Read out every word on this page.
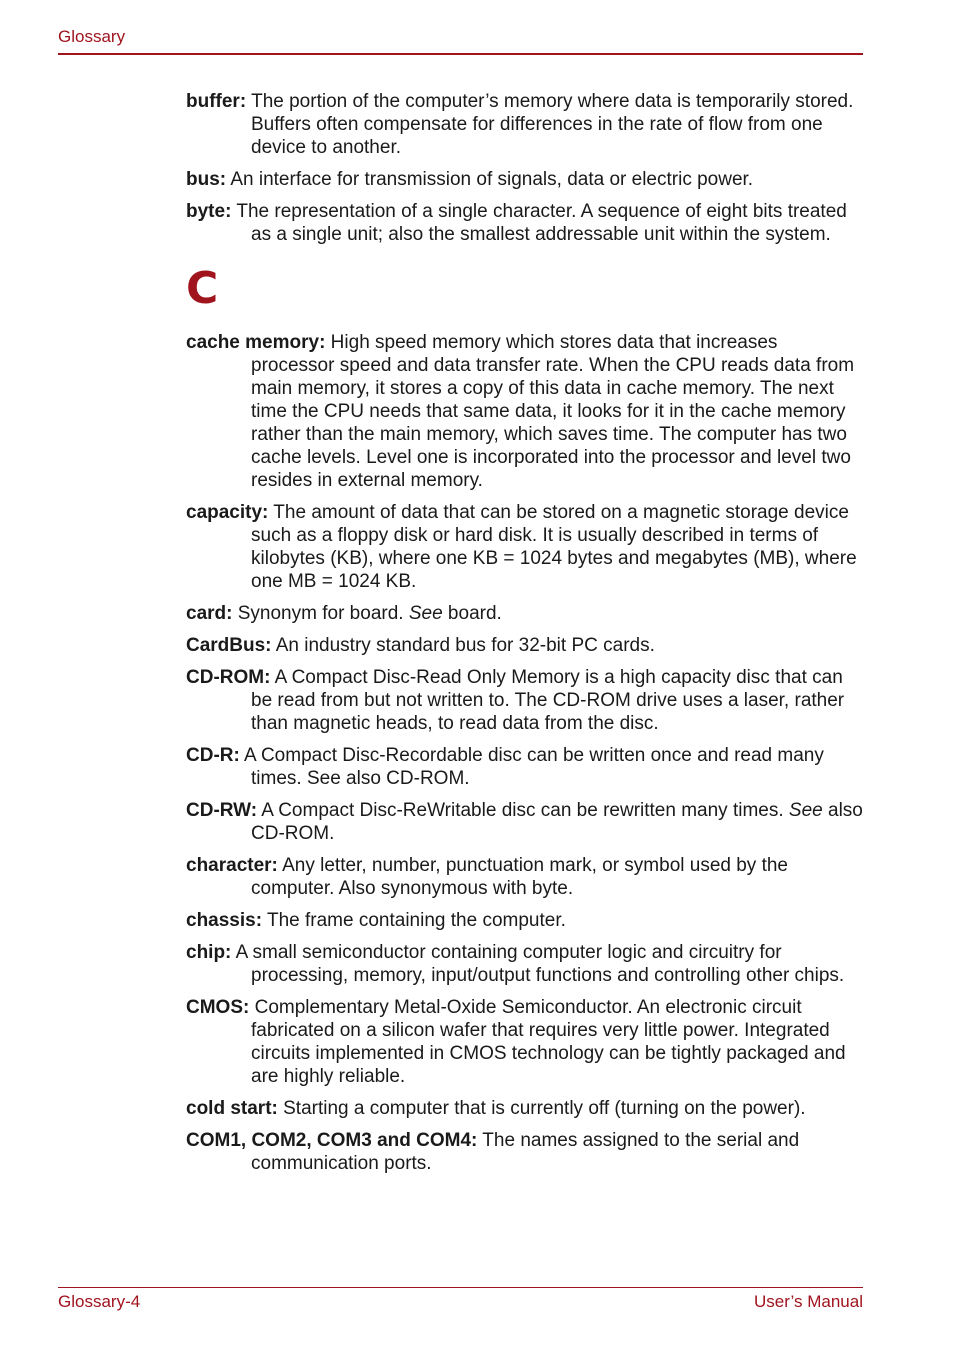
Glossary

buffer: The portion of the computer’s memory where data is temporarily stored. Buffers often compensate for differences in the rate of flow from one device to another.

bus: An interface for transmission of signals, data or electric power.

byte: The representation of a single character. A sequence of eight bits treated as a single unit; also the smallest addressable unit within the system.

C

cache memory: High speed memory which stores data that increases processor speed and data transfer rate. When the CPU reads data from main memory, it stores a copy of this data in cache memory. The next time the CPU needs that same data, it looks for it in the cache memory rather than the main memory, which saves time. The computer has two cache levels. Level one is incorporated into the processor and level two resides in external memory.

capacity: The amount of data that can be stored on a magnetic storage device such as a floppy disk or hard disk. It is usually described in terms of kilobytes (KB), where one KB = 1024 bytes and megabytes (MB), where one MB = 1024 KB.

card: Synonym for board. See board.

CardBus: An industry standard bus for 32-bit PC cards.

CD-ROM: A Compact Disc-Read Only Memory is a high capacity disc that can be read from but not written to. The CD-ROM drive uses a laser, rather than magnetic heads, to read data from the disc.

CD-R: A Compact Disc-Recordable disc can be written once and read many times. See also CD-ROM.

CD-RW: A Compact Disc-ReWritable disc can be rewritten many times. See also CD-ROM.

character: Any letter, number, punctuation mark, or symbol used by the computer. Also synonymous with byte.

chassis: The frame containing the computer.

chip: A small semiconductor containing computer logic and circuitry for processing, memory, input/output functions and controlling other chips.

CMOS: Complementary Metal-Oxide Semiconductor. An electronic circuit fabricated on a silicon wafer that requires very little power. Integrated circuits implemented in CMOS technology can be tightly packaged and are highly reliable.

cold start: Starting a computer that is currently off (turning on the power).

COM1, COM2, COM3 and COM4: The names assigned to the serial and communication ports.

Glossary-4	User’s Manual
